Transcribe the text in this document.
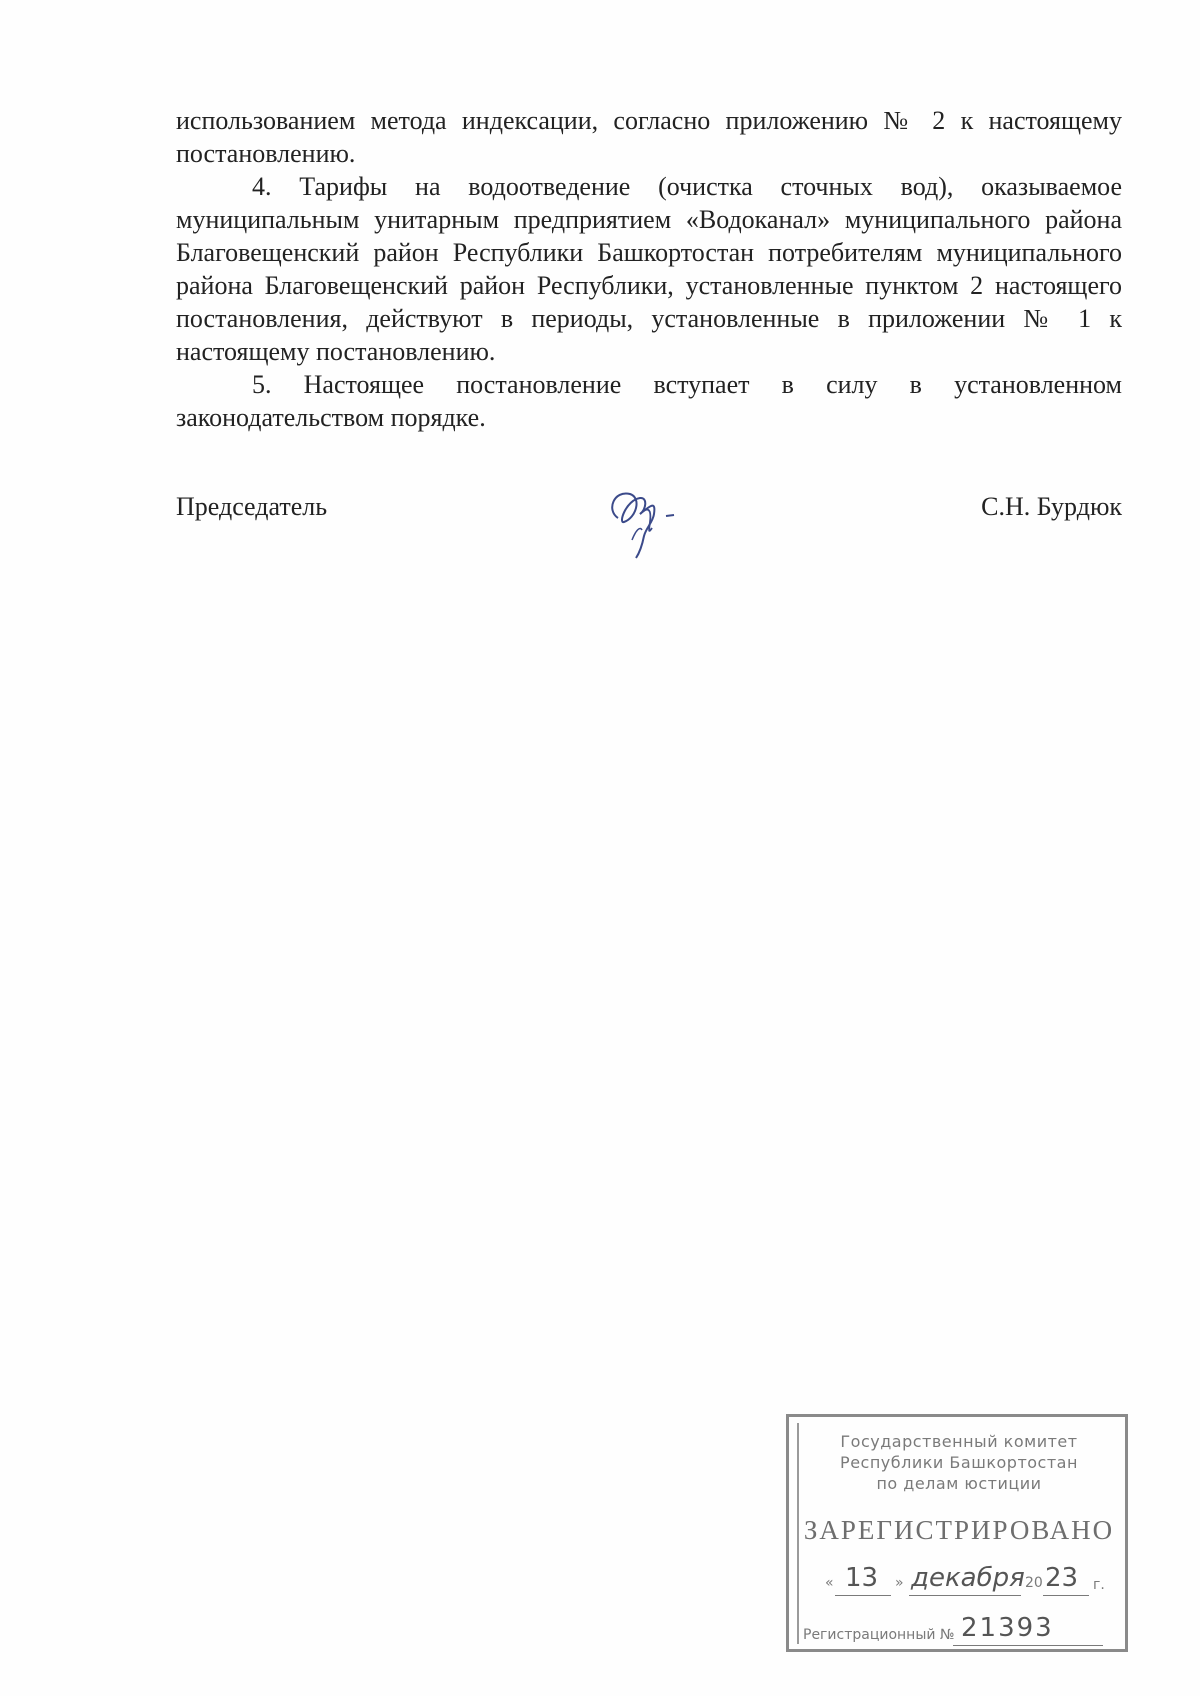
использованием метода индексации, согласно приложению № 2 к настоящему постановлению.

4. Тарифы на водоотведение (очистка сточных вод), оказываемое муниципальным унитарным предприятием «Водоканал» муниципального района Благовещенский район Республики Башкортостан потребителям муниципального района Благовещенский район Республики, установленные пунктом 2 настоящего постановления, действуют в периоды, установленные в приложении № 1 к настоящему постановлению.

5. Настоящее постановление вступает в силу в установленном законодательством порядке.

Председатель	С.Н. Бурдюк
Государственный комитет
Республики Башкортостан
по делам юстиции
ЗАРЕГИСТРИРОВАНО
« 13 » декабря 20 23 г.
Регистрационный № 21393
